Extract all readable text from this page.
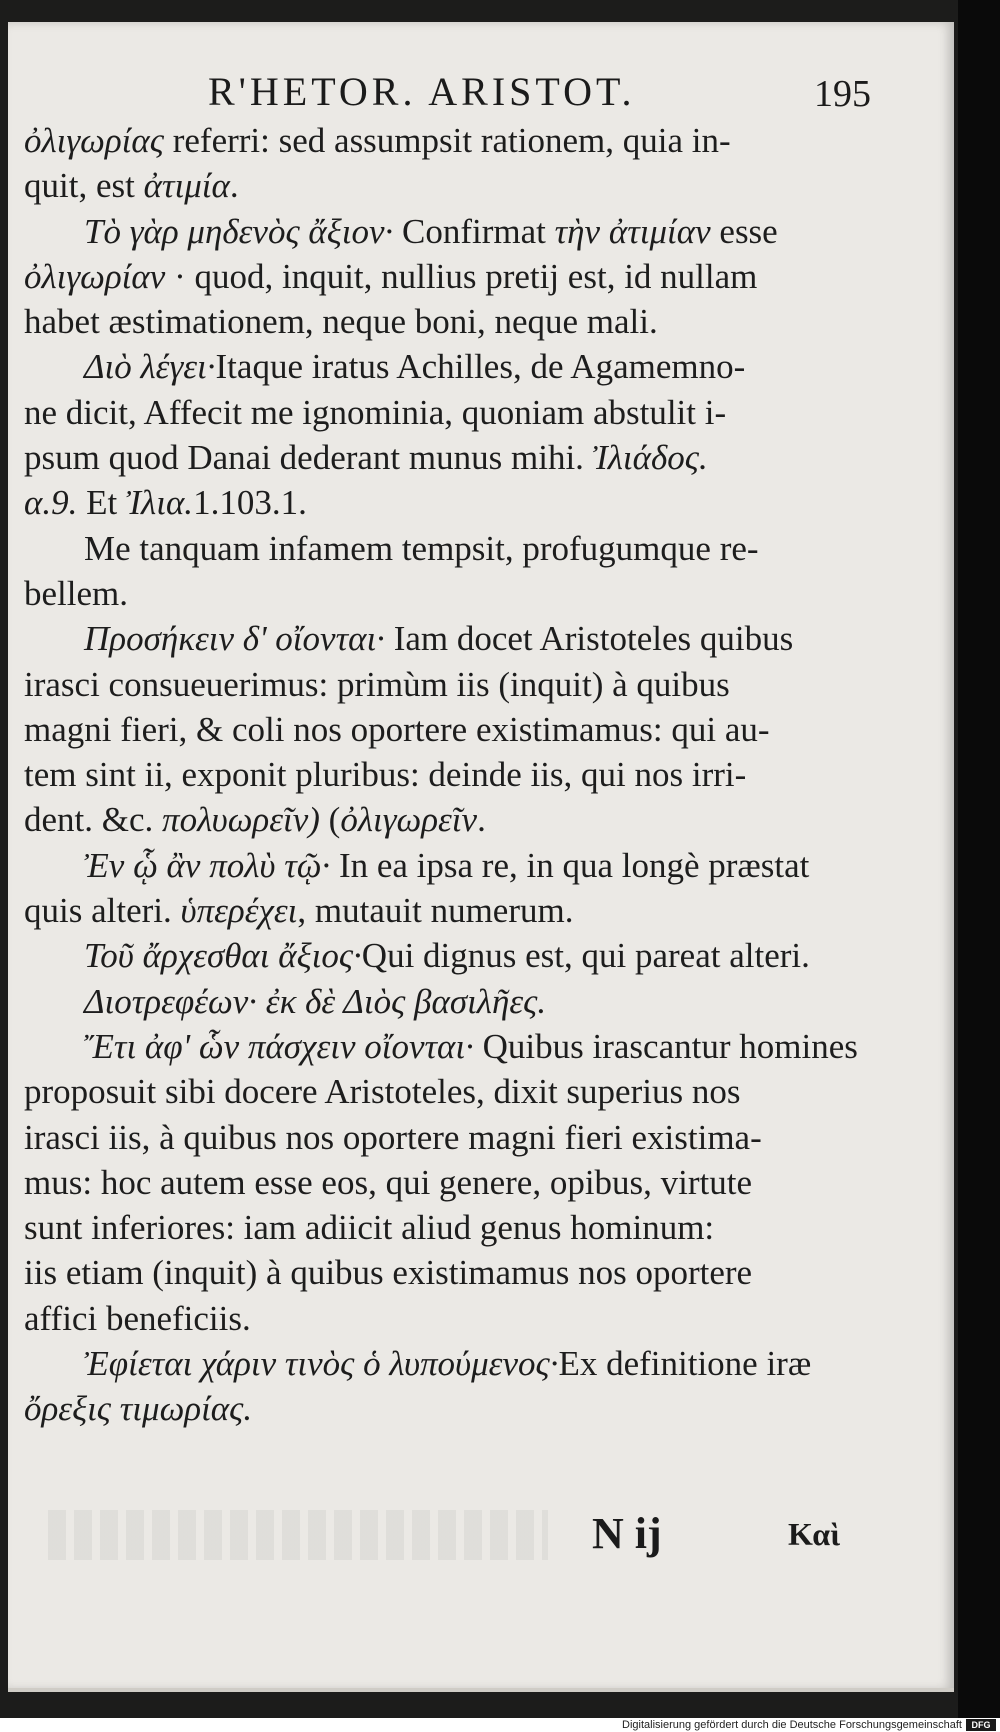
R'HETOR. ARISTOT.	195

ὀλιγωρίας referri: sed assumpsit rationem, quia in-
quit, est ἀτιμία.

Τὸ γὰρ μηδενὸς ἄξιον· Confirmat τὴν ἀτιμίαν esse
ὀλιγωρίαν · quod, inquit, nullius pretij est, id nullam
habet æstimationem, neque boni, neque mali.

Διὸ λέγει·Itaque iratus Achilles, de Agamemno-
ne dicit, Affecit me ignominia, quoniam abstulit i-
psum quod Danai dederant munus mihi. Ἰλιάδος.
α.9. Et Ἰλια.1.103.1.

Me tanquam infamem tempsit, profugumque re-
bellem.

Προσήκειν δ' οἴονται· Iam docet Aristoteles quibus
irasci consueuerimus: primùm iis (inquit) à quibus
magni fieri, & coli nos oportere existimamus: qui au-
tem sint ii, exponit pluribus: deinde iis, qui nos irri-
dent. &c. πολυωρεῖν) (ὀλιγωρεῖν.

Ἐν ᾧ ἂν πολὺ τῷ· In ea ipsa re, in qua longè præstat
quis alteri. ὑπερέχει, mutauit numerum.

Τοῦ ἄρχεσθαι ἄξιος·Qui dignus est, qui pareat alteri.

Διοτρεφέων· ἐκ δὲ Διὸς βασιλῆες.

Ἔτι ἀφ' ὧν πάσχειν οἴονται· Quibus irascantur homines
proposuit sibi docere Aristoteles, dixit superius nos
irasci iis, à quibus nos oportere magni fieri existima-
mus: hoc autem esse eos, qui genere, opibus, virtute
sunt inferiores: iam adiicit aliud genus hominum:
iis etiam (inquit) à quibus existimamus nos oportere
affici beneficiis.

Ἐφίεται χάριν τινὸς ὁ λυπούμενος·Ex definitione iræ
ὄρεξις τιμωρίας.

N ij	Καὶ
Digitalisierung gefördert durch die Deutsche Forschungsgemeinschaft	DFG
